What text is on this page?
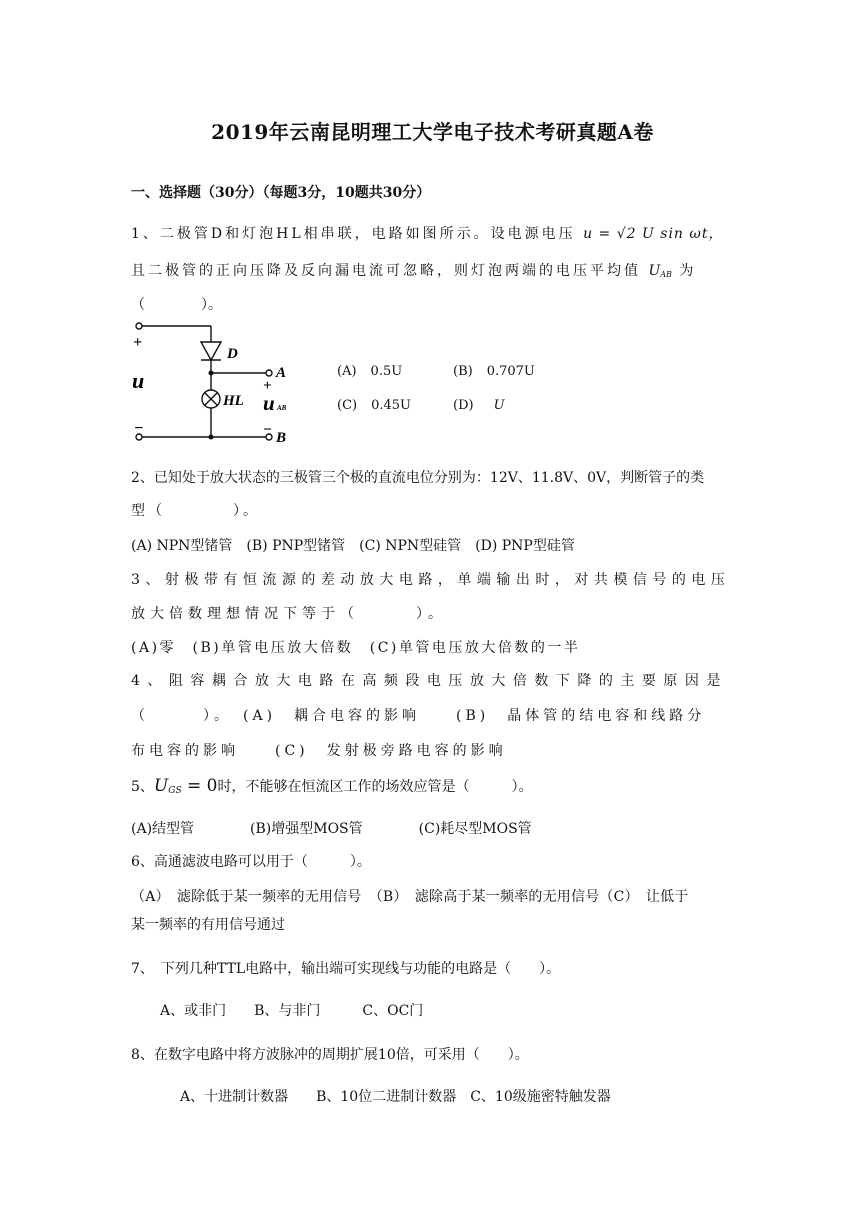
2019年云南昆明理工大学电子技术考研真题A卷
一、选择题（30分）（每题3分，10题共30分）
1、二极管D和灯泡HL相串联，电路如图所示。设电源电压 u = √2 U sin ωt，
且二极管的正向压降及反向漏电流可忽略，则灯泡两端的电压平均值 $U_{AB}$ 为
（　　　　）。
+
u
−
D
HL
A
+
u AB
− B
(A) 0.5U	(B) 0.707U
(C) 0.45U	(D) U
2、已知处于放大状态的三极管三个极的直流电位分别为：12V、11.8V、0V，判断管子的类
型（　　　　）。
(A) NPN型锗管　(B) PNP型锗管　(C) NPN型硅管　(D) PNP型硅管
3、射极带有恒流源的差动放大电路，单端输出时，对共模信号的电压
放大倍数理想情况下等于（　　　）。
(A)零　(B)单管电压放大倍数　(C)单管电压放大倍数的一半
4、阻容耦合放大电路在高频段电压放大倍数下降的主要原因是
（　　　）。　(A)　耦合电容的影响　　(B)　晶体管的结电容和线路分
布电容的影响　　(C)　发射极旁路电容的影响
5、$U_{GS} = 0$时，不能够在恒流区工作的场效应管是（　　　）。
(A)结型管　　　　(B)增强型MOS管　　　　(C)耗尽型MOS管
6、高通滤波电路可以用于（　　　）。
（A）　滤除低于某一频率的无用信号　（B）　滤除高于某一频率的无用信号（C）　让低于
某一频率的有用信号通过
7、　下列几种TTL电路中，输出端可实现线与功能的电路是（　　）。
A、或非门　　B、与非门　　　C、OC门
8、在数字电路中将方波脉冲的周期扩展10倍，可采用（　　）。
A、十进制计数器　　B、10位二进制计数器　C、10级施密特触发器
